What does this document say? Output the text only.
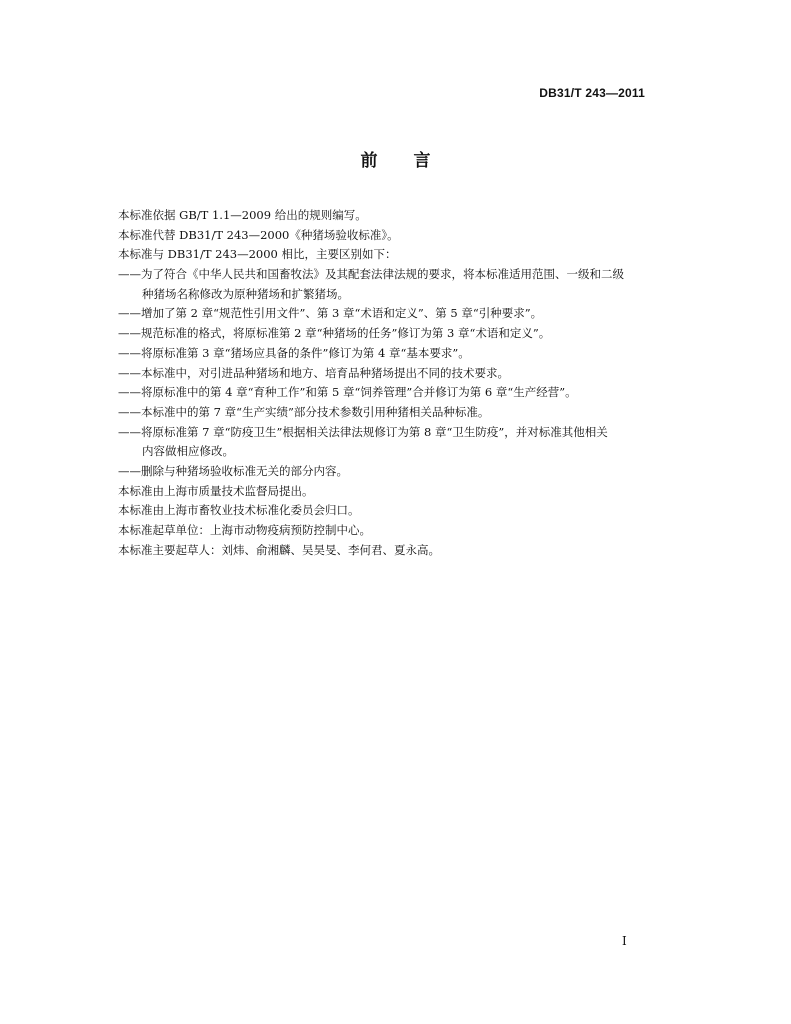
DB31/T 243—2011
前言
本标准依据 GB/T 1.1—2009 给出的规则编写。
本标准代替 DB31/T 243—2000《种猪场验收标准》。
本标准与 DB31/T 243—2000 相比，主要区别如下：
——为了符合《中华人民共和国畜牧法》及其配套法律法规的要求，将本标准适用范围、一级和二级
种猪场名称修改为原种猪场和扩繁猪场。
——增加了第 2 章“规范性引用文件”、第 3 章“术语和定义”、第 5 章“引种要求”。
——规范标准的格式，将原标准第 2 章“种猪场的任务”修订为第 3 章“术语和定义”。
——将原标准第 3 章“猪场应具备的条件”修订为第 4 章“基本要求”。
——本标准中，对引进品种猪场和地方、培育品种猪场提出不同的技术要求。
——将原标准中的第 4 章“育种工作”和第 5 章“饲养管理”合并修订为第 6 章“生产经营”。
——本标准中的第 7 章“生产实绩”部分技术参数引用种猪相关品种标准。
——将原标准第 7 章“防疫卫生”根据相关法律法规修订为第 8 章“卫生防疫”，并对标准其他相关
内容做相应修改。
——删除与种猪场验收标准无关的部分内容。
本标准由上海市质量技术监督局提出。
本标准由上海市畜牧业技术标准化委员会归口。
本标准起草单位：上海市动物疫病预防控制中心。
本标准主要起草人：刘炜、俞湘麟、吴昊旻、李何君、夏永高。
I
